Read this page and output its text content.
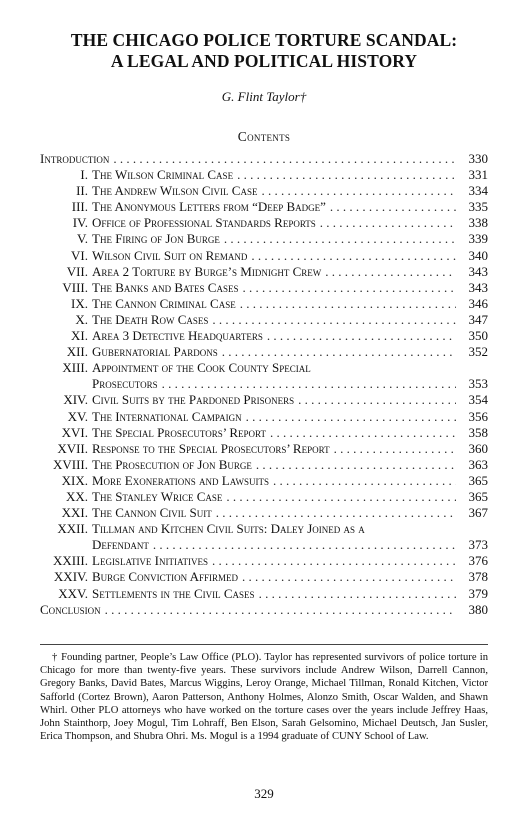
THE CHICAGO POLICE TORTURE SCANDAL:
A LEGAL AND POLITICAL HISTORY
G. Flint Taylor†
Contents
Introduction . . .	330
I. The Wilson Criminal Case . . .	331
II. The Andrew Wilson Civil Case . . .	334
III. The Anonymous Letters from “Deep Badge” . . .	335
IV. Office of Professional Standards Reports . . .	338
V. The Firing of Jon Burge . . .	339
VI. Wilson Civil Suit on Remand . . .	340
VII. Area 2 Torture by Burge’s Midnight Crew . . .	343
VIII. The Banks and Bates Cases . . .	343
IX. The Cannon Criminal Case . . .	346
X. The Death Row Cases . . .	347
XI. Area 3 Detective Headquarters . . .	350
XII. Gubernatorial Pardons . . .	352
XIII. Appointment of the Cook County Special
Prosecutors . . .	353
XIV. Civil Suits by the Pardoned Prisoners . . .	354
XV. The International Campaign . . .	356
XVI. The Special Prosecutors’ Report . . .	358
XVII. Response to the Special Prosecutors’ Report . . .	360
XVIII. The Prosecution of Jon Burge . . .	363
XIX. More Exonerations and Lawsuits . . .	365
XX. The Stanley Wrice Case . . .	365
XXI. The Cannon Civil Suit . . .	367
XXII. Tillman and Kitchen Civil Suits: Daley Joined as a
Defendant . . .	373
XXIII. Legislative Initiatives . . .	376
XXIV. Burge Conviction Affirmed . . .	378
XXV. Settlements in the Civil Cases . . .	379
Conclusion . . .	380
† Founding partner, People’s Law Office (PLO). Taylor has represented survivors of police torture in Chicago for more than twenty-five years. These survivors include Andrew Wilson, Darrell Cannon, Gregory Banks, David Bates, Marcus Wiggins, Leroy Orange, Michael Tillman, Ronald Kitchen, Victor Safforld (Cortez Brown), Aaron Patterson, Anthony Holmes, Alonzo Smith, Oscar Walden, and Shawn Whirl. Other PLO attorneys who have worked on the torture cases over the years include Jeffrey Haas, John Stainthorp, Joey Mogul, Tim Lohraff, Ben Elson, Sarah Gelsomino, Michael Deutsch, Jan Susler, Erica Thompson, and Shubra Ohri. Ms. Mogul is a 1994 graduate of CUNY School of Law.
329
